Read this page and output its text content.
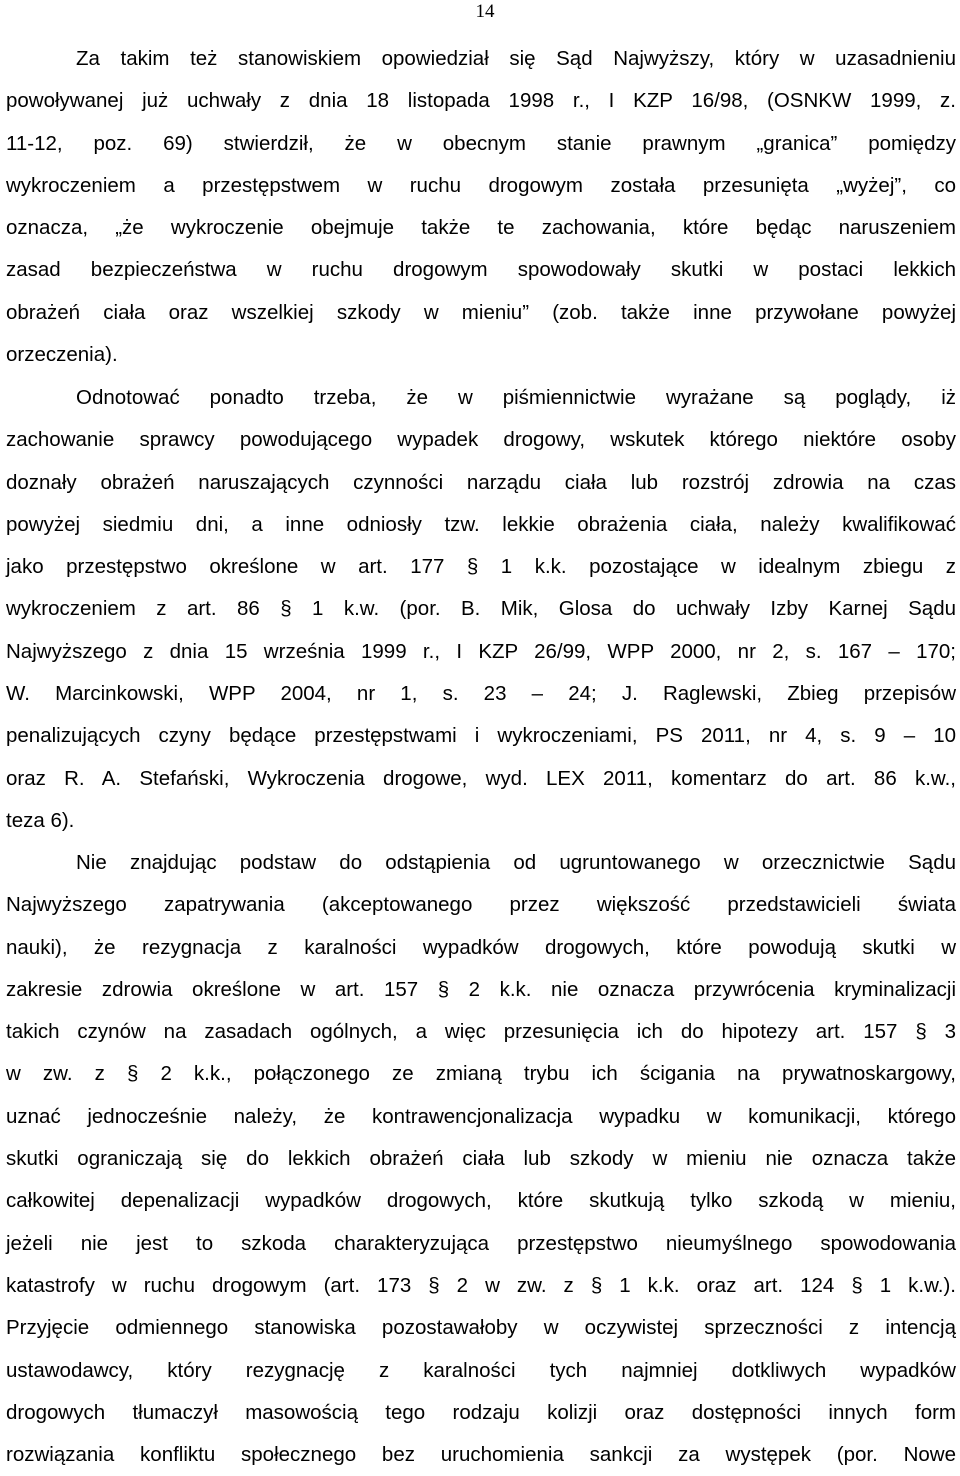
14
Za takim też stanowiskiem opowiedział się Sąd Najwyższy, który w uzasadnieniu
powoływanej już uchwały z dnia 18 listopada 1998 r., I KZP 16/98, (OSNKW 1999, z.
11-12, poz. 69) stwierdził, że w obecnym stanie prawnym „granica” pomiędzy
wykroczeniem a przestępstwem w ruchu drogowym została przesunięta „wyżej”, co
oznacza, „że wykroczenie obejmuje także te zachowania, które będąc naruszeniem
zasad bezpieczeństwa w ruchu drogowym spowodowały skutki w postaci lekkich
obrażeń ciała oraz wszelkiej szkody w mieniu” (zob. także inne przywołane powyżej
orzeczenia).
Odnotować ponadto trzeba, że w piśmiennictwie wyrażane są poglądy, iż
zachowanie sprawcy powodującego wypadek drogowy, wskutek którego niektóre osoby
doznały obrażeń naruszających czynności narządu ciała lub rozstrój zdrowia na czas
powyżej siedmiu dni, a inne odniosły tzw. lekkie obrażenia ciała, należy kwalifikować
jako przestępstwo określone w art. 177 § 1 k.k. pozostające w idealnym zbiegu z
wykroczeniem z art. 86 § 1 k.w. (por. B. Mik, Glosa do uchwały Izby Karnej Sądu
Najwyższego z dnia 15 września 1999 r., I KZP 26/99, WPP 2000, nr 2, s. 167 – 170;
W. Marcinkowski, WPP 2004, nr 1, s. 23 – 24; J. Raglewski, Zbieg przepisów
penalizujących czyny będące przestępstwami i wykroczeniami, PS 2011, nr 4, s. 9 – 10
oraz R. A. Stefański, Wykroczenia drogowe, wyd. LEX 2011, komentarz do art. 86 k.w.,
teza 6).
Nie znajdując podstaw do odstąpienia od ugruntowanego w orzecznictwie Sądu
Najwyższego zapatrywania (akceptowanego przez większość przedstawicieli świata
nauki), że rezygnacja z karalności wypadków drogowych, które powodują skutki w
zakresie zdrowia określone w art. 157 § 2 k.k. nie oznacza przywrócenia kryminalizacji
takich czynów na zasadach ogólnych, a więc przesunięcia ich do hipotezy art. 157 § 3
w zw. z § 2 k.k., połączonego ze zmianą trybu ich ścigania na prywatnoskargowy,
uznać jednocześnie należy, że kontrawencjonalizacja wypadku w komunikacji, którego
skutki ograniczają się do lekkich obrażeń ciała lub szkody w mieniu nie oznacza także
całkowitej depenalizacji wypadków drogowych, które skutkują tylko szkodą w mieniu,
jeżeli nie jest to szkoda charakteryzująca przestępstwo nieumyślnego spowodowania
katastrofy w ruchu drogowym (art. 173 § 2 w zw. z § 1 k.k. oraz art. 124 § 1 k.w.).
Przyjęcie odmiennego stanowiska pozostawałoby w oczywistej sprzeczności z intencją
ustawodawcy, który rezygnację z karalności tych najmniej dotkliwych wypadków
drogowych tłumaczył masowością tego rodzaju kolizji oraz dostępności innych form
rozwiązania konfliktu społecznego bez uruchomienia sankcji za występek (por. Nowe
